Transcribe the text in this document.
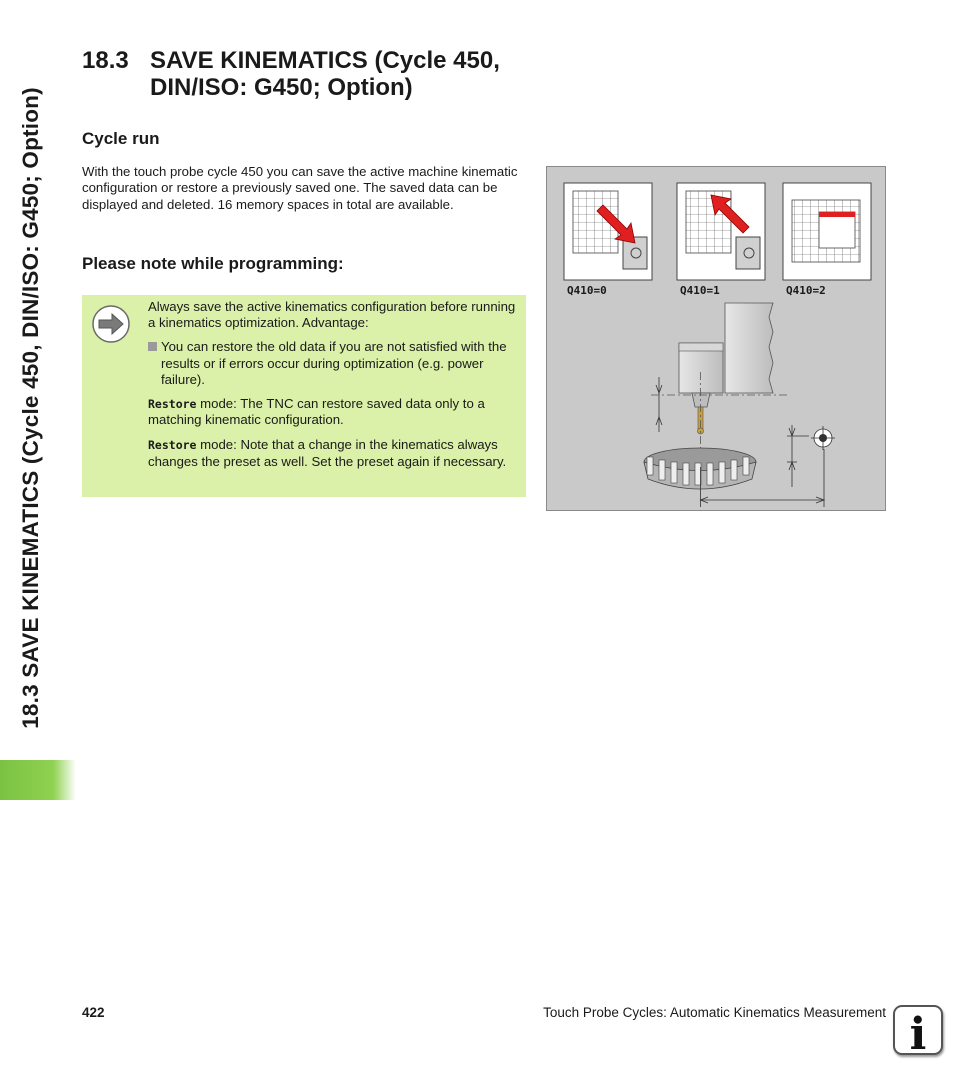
18.3 SAVE KINEMATICS (Cycle 450, DIN/ISO: G450; Option)
18.3 SAVE KINEMATICS (Cycle 450,
DIN/ISO: G450; Option)
Cycle run
With the touch probe cycle 450 you can save the active machine kinematic configuration or restore a previously saved one. The saved data can be displayed and deleted. 16 memory spaces in total are available.
Please note while programming:

Always save the active kinematics configuration before running a kinematics optimization. Advantage:

You can restore the old data if you are not satisfied with the results or if errors occur during optimization (e.g. power failure).

Restore mode: The TNC can restore saved data only to a matching kinematic configuration.

Restore mode: Note that a change in the kinematics always changes the preset as well. Set the preset again if necessary.

Q410=0	Q410=1	Q410=2
422	Touch Probe Cycles: Automatic Kinematics Measurement i
